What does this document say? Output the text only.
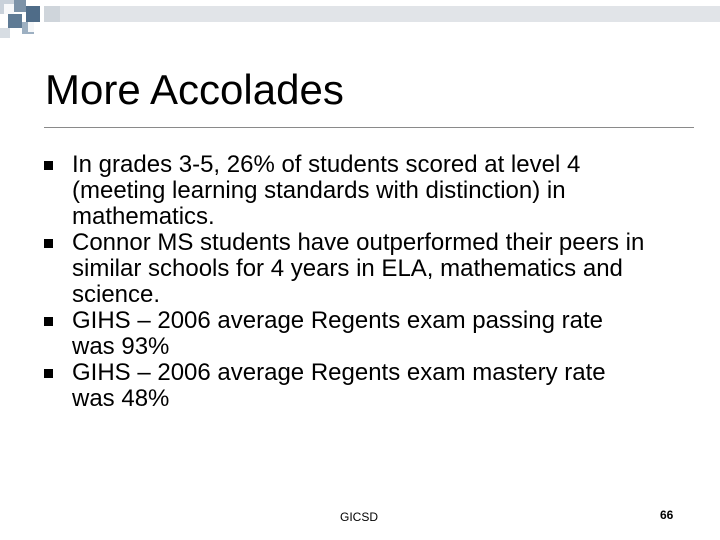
More Accolades
In grades 3-5, 26% of students scored at level 4 (meeting learning standards with distinction) in mathematics.
Connor MS students have outperformed their peers in similar schools for 4 years in ELA, mathematics and science.
GIHS – 2006 average Regents exam passing rate was 93%
GIHS – 2006 average Regents exam mastery rate was 48%
GICSD	66
